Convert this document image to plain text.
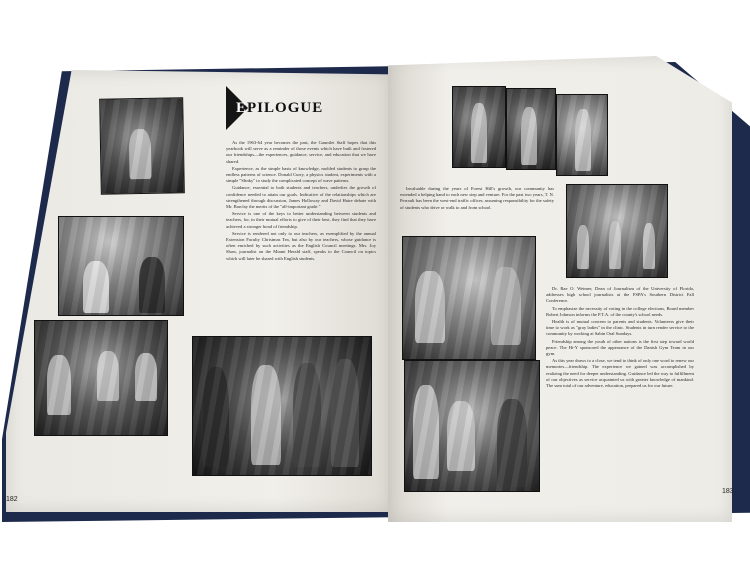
EPILOGUE

As the 1963-64 year becomes the past, the Gauntlet Staff hopes that this yearbook will serve as a reminder of those events which have built and fostered our friendships—the experiences, guidance, service, and education that we have shared.

Experience, as the simple basis of knowledge, molded students to grasp the endless patterns of science. Donald Curry, a physics student, experiments with a simple "Slinky" to study the complicated concept of wave patterns.

Guidance, essential to both students and teachers, underlies the growth of confidence needed to attain our goals. Indicative of the relationships which are strengthened through discussion, James Holloway and David Haire debate with Mr. Barclay the merits of the "all-important grade."

Service is one of the keys to better understanding between students and teachers, for, in their mutual efforts to give of their best, they find that they have achieved a stronger bond of friendship.

Service is rendered not only to our teachers, as exemplified by the annual Extension Faculty Christmas Tea, but also by our teachers, whose guidance is often enriched by such activities as the English Council meetings. Mrs. Joy Shaw, journalist on the Miami Herald staff, speaks to the Council on topics which will later be shared with English students.

182

Invaluable during the years of Forest Hill's growth, our community has extended a helping hand to each new step and venture. For the past two years, T. N. Perrault has been the west-end traffic officer, assuming responsibility for the safety of students who drive or walk to and from school.

Dr. Rae O. Weimer, Dean of Journalism of the University of Florida, addresses high school journalists at the FSPA's Southern District Fall Conference.

To emphasize the necessity of voting in the college elections, Board member Robert Johnson informs the P.T.A. of the county's school needs.

Health is of mutual concern to parents and students. Volunteers give their time to work as "gray ladies" in the clinic. Students in turn render service to the community by working at Sabin Oral Sundays.

Friendship among the youth of other nations is the first step toward world peace. The Hi-Y sponsored the appearance of the Danish Gym Team in our gym.

As this year draws to a close, we tend to think of only one word to renew our memories—friendship. The experience we gained was accomplished by realizing the need for deeper understanding. Guidance led the way to fulfillment of our objectives as service acquainted us with greater knowledge of mankind. The sum total of our adventure, education, prepared us for our future.

183
